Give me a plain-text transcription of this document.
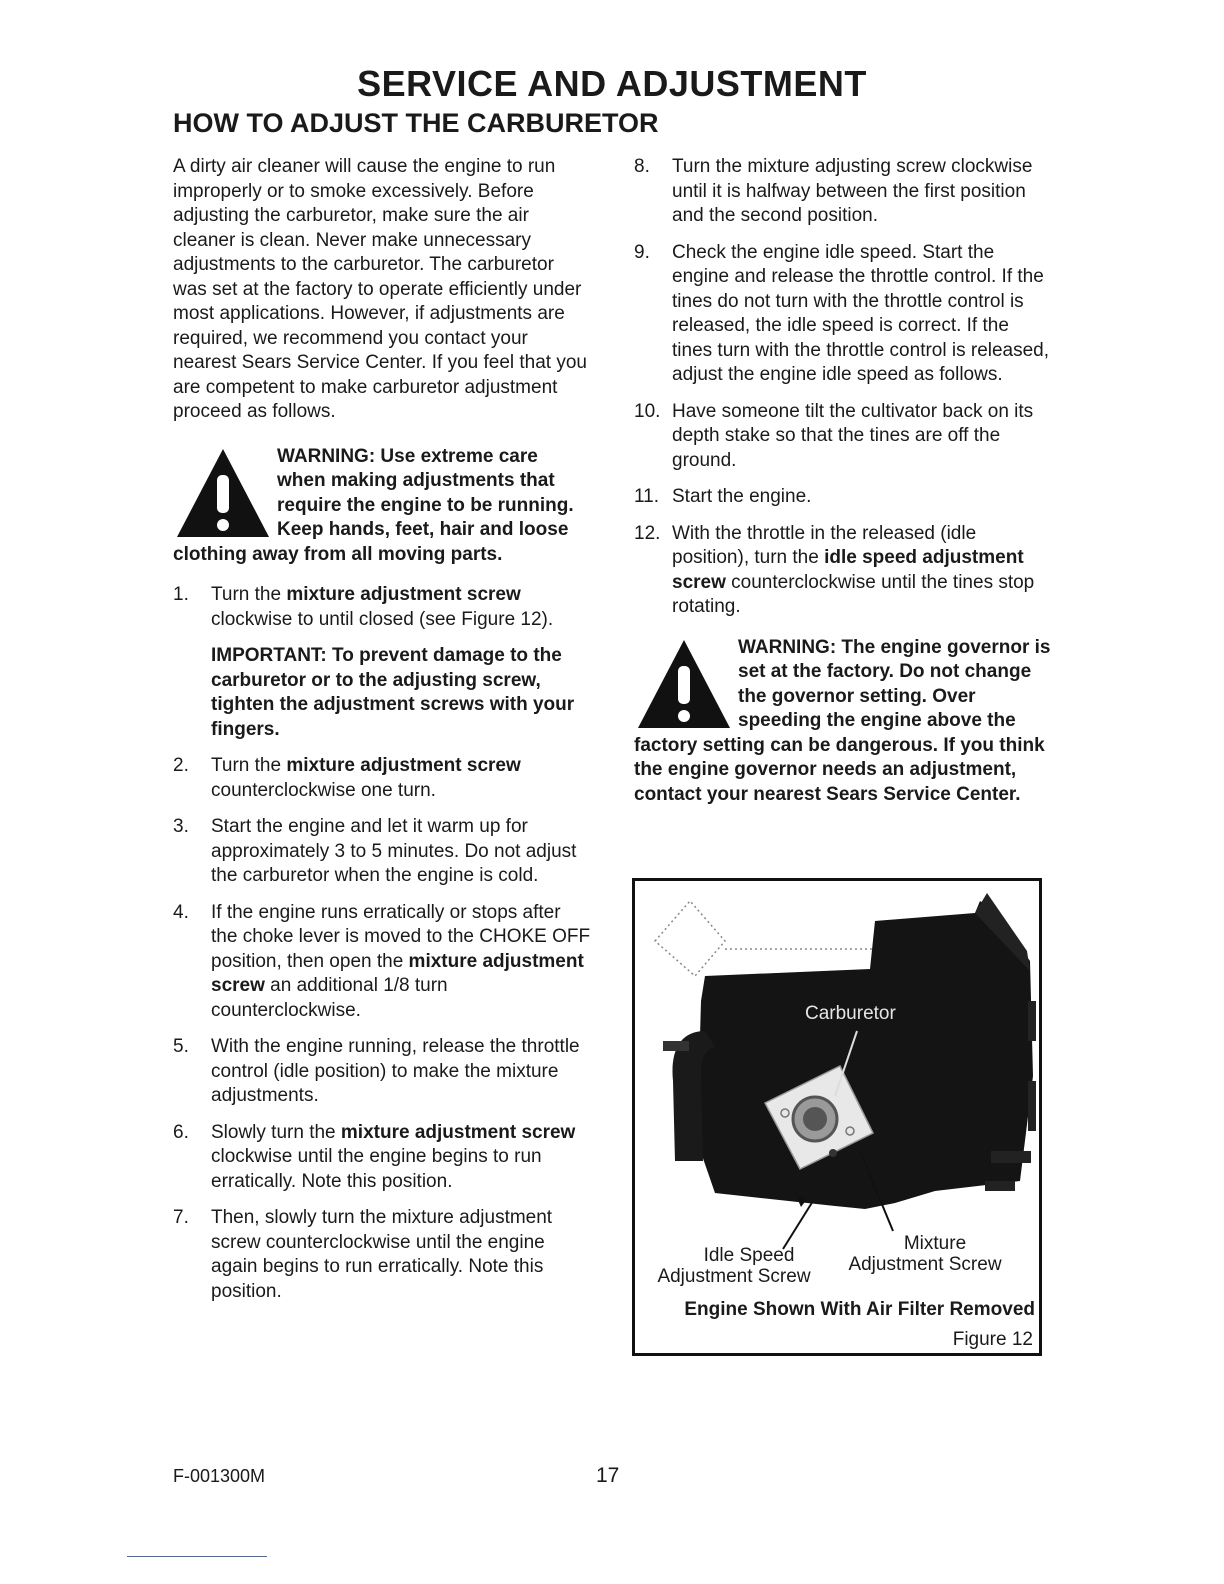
SERVICE AND ADJUSTMENT
HOW TO ADJUST THE CARBURETOR

A dirty air cleaner will cause the engine to run improperly or to smoke excessively. Before adjusting the carburetor, make sure the air cleaner is clean. Never make unnecessary adjustments to the carburetor. The carburetor was set at the factory to operate efficiently under most applications. However, if adjustments are required, we recommend you contact your nearest Sears Service Center. If you feel that you are competent to make carburetor adjustment proceed as follows.

WARNING: Use extreme care when making adjustments that require the engine to be running. Keep hands, feet, hair and loose clothing away from all moving parts.
1. Turn the mixture adjustment screw clockwise to until closed (see Figure 12).

IMPORTANT: To prevent damage to the carburetor or to the adjusting screw, tighten the adjustment screws with your fingers.

2. Turn the mixture adjustment screw counterclockwise one turn.
3. Start the engine and let it warm up for approximately 3 to 5 minutes. Do not adjust the carburetor when the engine is cold.
4. If the engine runs erratically or stops after the choke lever is moved to the CHOKE OFF position, then open the mixture adjustment screw an additional 1/8 turn counterclockwise.
5. With the engine running, release the throttle control (idle position) to make the mixture adjustments.
6. Slowly turn the mixture adjustment screw clockwise until the engine begins to run erratically. Note this position.
7. Then, slowly turn the mixture adjustment screw counterclockwise until the engine again begins to run erratically. Note this position.
8. Turn the mixture adjusting screw clockwise until it is halfway between the first position and the second position.
9. Check the engine idle speed. Start the engine and release the throttle control. If the tines do not turn with the throttle control is released, the idle speed is correct. If the tines turn with the throttle control is released, adjust the engine idle speed as follows.
10. Have someone tilt the cultivator back on its depth stake so that the tines are off the ground.
11. Start the engine.
12. With the throttle in the released (idle position), turn the idle speed adjustment screw counterclockwise until the tines stop rotating.
WARNING: The engine governor is set at the factory. Do not change the governor setting. Over speeding the engine above the factory setting can be dangerous. If you think the engine governor needs an adjustment, contact your nearest Sears Service Center.
Carburetor
Idle Speed
Adjustment Screw
Mixture
Adjustment Screw
Engine Shown With Air Filter Removed
Figure 12
F-001300M	17
